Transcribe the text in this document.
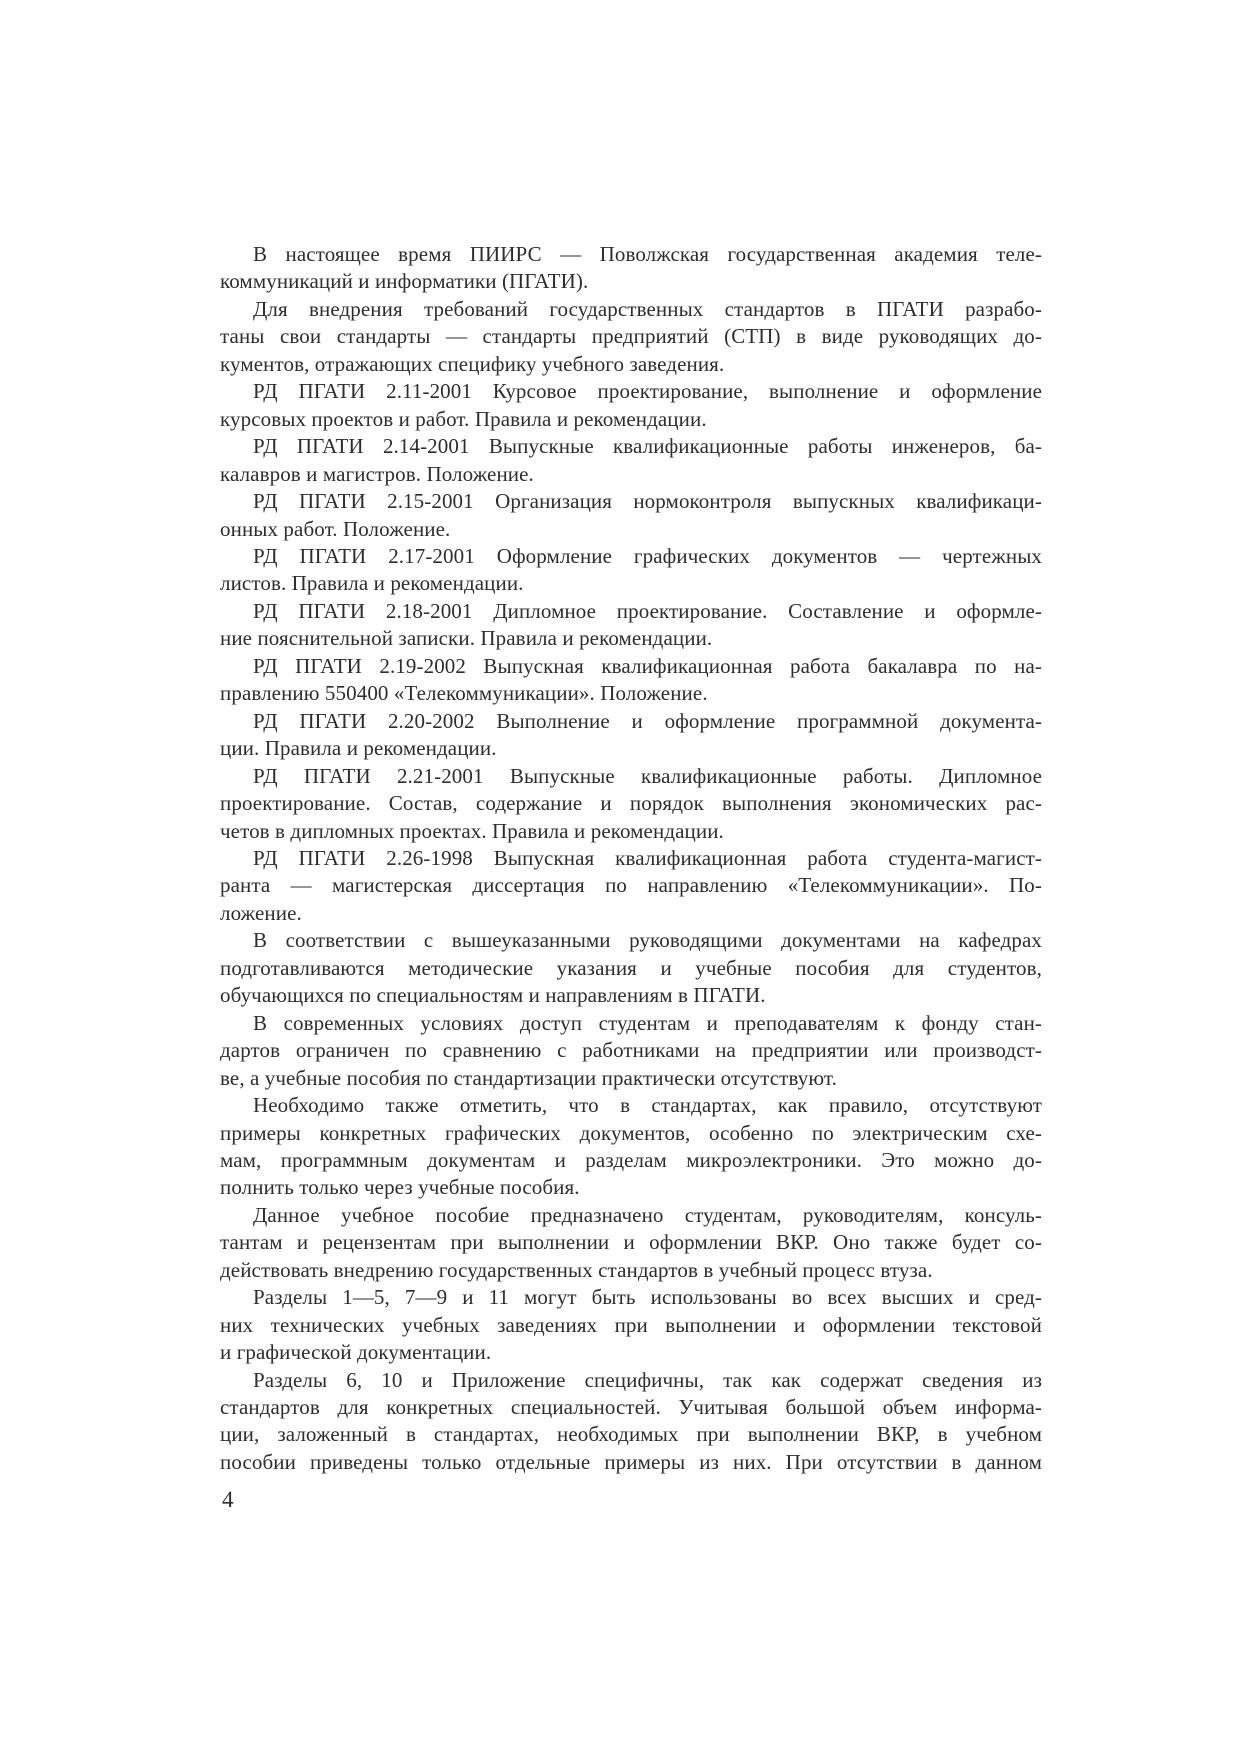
В настоящее время ПИИРС — Поволжская государственная академия теле-
коммуникаций и информатики (ПГАТИ).
Для внедрения требований государственных стандартов в ПГАТИ разрабо-
таны свои стандарты — стандарты предприятий (СТП) в виде руководящих до-
кументов, отражающих специфику учебного заведения.
РД ПГАТИ 2.11-2001 Курсовое проектирование, выполнение и оформление
курсовых проектов и работ. Правила и рекомендации.
РД ПГАТИ 2.14-2001 Выпускные квалификационные работы инженеров, ба-
калавров и магистров. Положение.
РД ПГАТИ 2.15-2001 Организация нормоконтроля выпускных квалификаци-
онных работ. Положение.
РД ПГАТИ 2.17-2001 Оформление графических документов — чертежных
листов. Правила и рекомендации.
РД ПГАТИ 2.18-2001 Дипломное проектирование. Составление и оформле-
ние пояснительной записки. Правила и рекомендации.
РД ПГАТИ 2.19-2002 Выпускная квалификационная работа бакалавра по на-
правлению 550400 «Телекоммуникации». Положение.
РД ПГАТИ 2.20-2002 Выполнение и оформление программной документа-
ции. Правила и рекомендации.
РД ПГАТИ 2.21-2001 Выпускные квалификационные работы. Дипломное
проектирование. Состав, содержание и порядок выполнения экономических рас-
четов в дипломных проектах. Правила и рекомендации.
РД ПГАТИ 2.26-1998 Выпускная квалификационная работа студента-магист-
ранта — магистерская диссертация по направлению «Телекоммуникации». По-
ложение.
В соответствии с вышеуказанными руководящими документами на кафедрах
подготавливаются методические указания и учебные пособия для студентов,
обучающихся по специальностям и направлениям в ПГАТИ.
В современных условиях доступ студентам и преподавателям к фонду стан-
дартов ограничен по сравнению с работниками на предприятии или производст-
ве, а учебные пособия по стандартизации практически отсутствуют.
Необходимо также отметить, что в стандартах, как правило, отсутствуют
примеры конкретных графических документов, особенно по электрическим схе-
мам, программным документам и разделам микроэлектроники. Это можно до-
полнить только через учебные пособия.
Данное учебное пособие предназначено студентам, руководителям, консуль-
тантам и рецензентам при выполнении и оформлении ВКР. Оно также будет со-
действовать внедрению государственных стандартов в учебный процесс втуза.
Разделы 1—5, 7—9 и 11 могут быть использованы во всех высших и сред-
них технических учебных заведениях при выполнении и оформлении текстовой
и графической документации.
Разделы 6, 10 и Приложение специфичны, так как содержат сведения из
стандартов для конкретных специальностей. Учитывая большой объем информа-
ции, заложенный в стандартах, необходимых при выполнении ВКР, в учебном
пособии приведены только отдельные примеры из них. При отсутствии в данном
4
